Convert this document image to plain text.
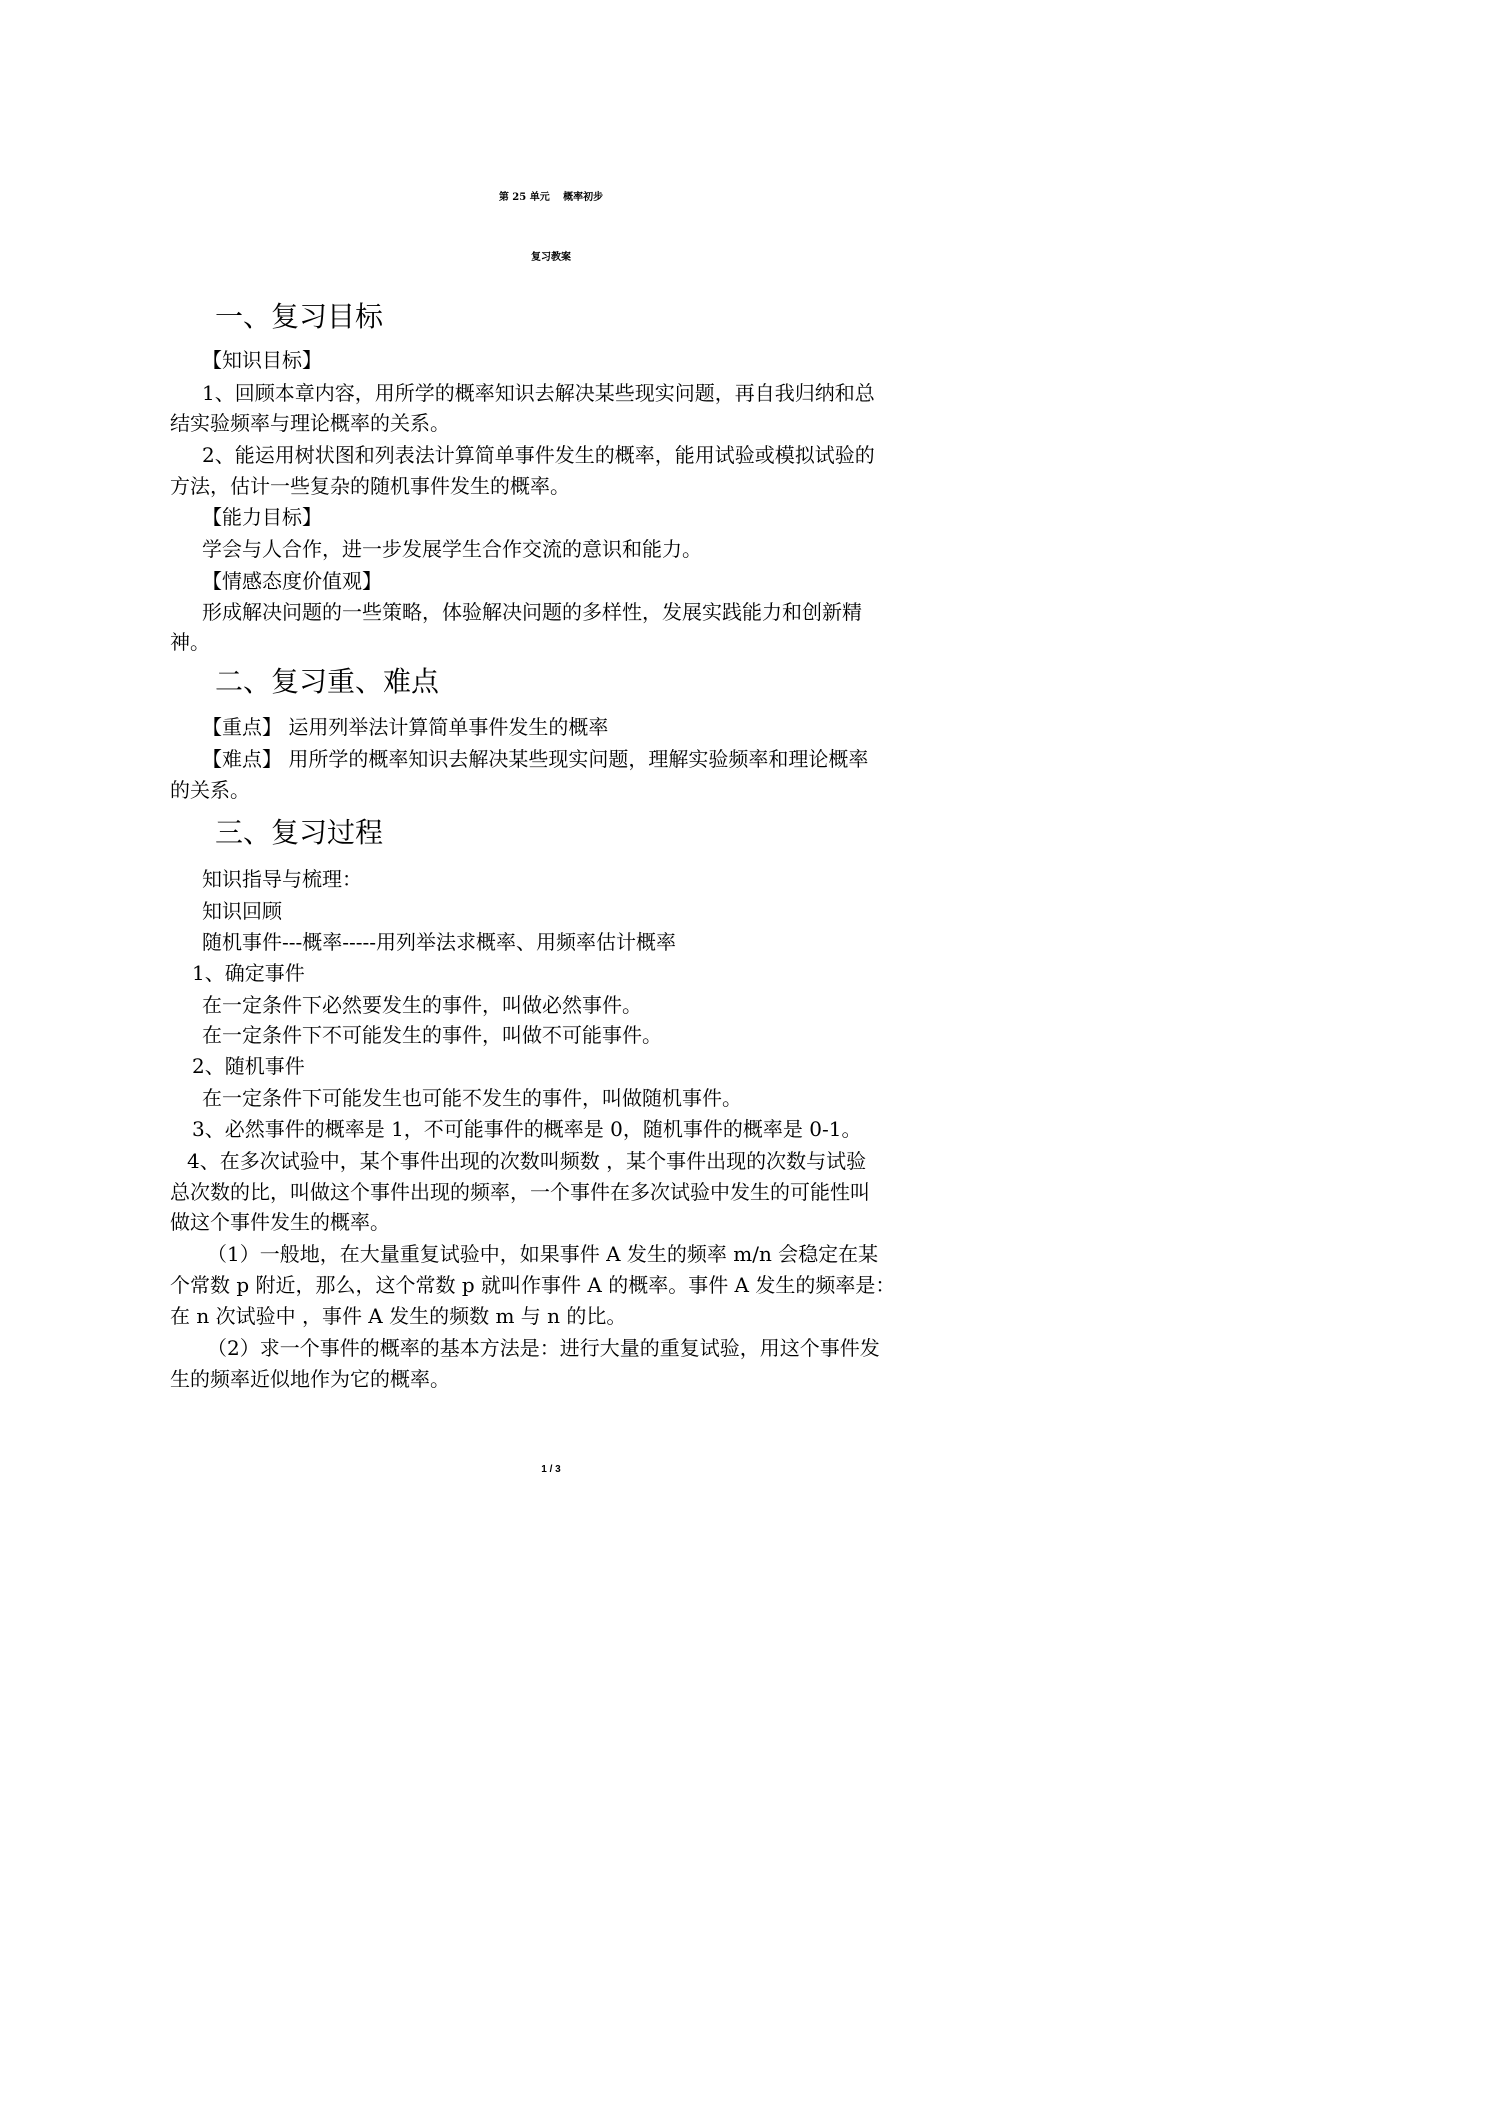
第 25 单元　 概率初步
复习教案
一、复习目标
【知识目标】
1、回顾本章内容，用所学的概率知识去解决某些现实问题，再自我归纳和总
结实验频率与理论概率的关系。
2、能运用树状图和列表法计算简单事件发生的概率，能用试验或模拟试验的
方法，估计一些复杂的随机事件发生的概率。
【能力目标】
学会与人合作，进一步发展学生合作交流的意识和能力。
【情感态度价值观】
形成解决问题的一些策略，体验解决问题的多样性，发展实践能力和创新精
神。
二、复习重、难点
【重点】 运用列举法计算简单事件发生的概率
【难点】 用所学的概率知识去解决某些现实问题，理解实验频率和理论概率
的关系。
三、复习过程
知识指导与梳理：
知识回顾
随机事件---概率-----用列举法求概率、用频率估计概率
1、确定事件
在一定条件下必然要发生的事件，叫做必然事件。
在一定条件下不可能发生的事件，叫做不可能事件。
2、随机事件
在一定条件下可能发生也可能不发生的事件，叫做随机事件。
3、必然事件的概率是 1，不可能事件的概率是 0，随机事件的概率是 0-1。
4、在多次试验中，某个事件出现的次数叫频数 ，某个事件出现的次数与试验
总次数的比，叫做这个事件出现的频率，一个事件在多次试验中发生的可能性叫
做这个事件发生的概率。
（1）一般地，在大量重复试验中，如果事件 A 发生的频率 m/n 会稳定在某
个常数 p 附近，那么，这个常数 p 就叫作事件 A 的概率。事件 A 发生的频率是：
在 n 次试验中 ，事件 A 发生的频数 m 与 n 的比。
（2）求一个事件的概率的基本方法是：进行大量的重复试验，用这个事件发
生的频率近似地作为它的概率。
1 / 3
